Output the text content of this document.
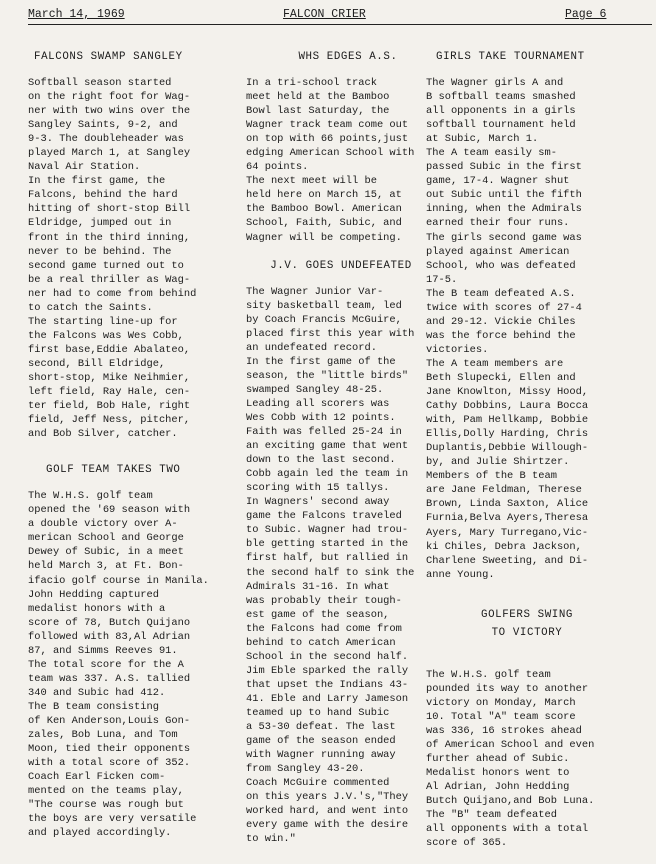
March 14, 1969	FALCON CRIER	Page 6
FALCONS SWAMP SANGLEY

Softball season started
on the right foot for Wag-
ner with two wins over the
Sangley Saints, 9-2, and
9-3. The doubleheader was
played March 1, at Sangley
Naval Air Station.
In the first game, the
Falcons, behind the hard
hitting of short-stop Bill
Eldridge, jumped out in
front in the third inning,
never to be behind. The
second game turned out to
be a real thriller as Wag-
ner had to come from behind
to catch the Saints.
The starting line-up for
the Falcons was Wes Cobb,
first base,Eddie Abalateo,
second, Bill Eldridge,
short-stop, Mike Neihmier,
left field, Ray Hale, cen-
ter field, Bob Hale, right
field, Jeff Ness, pitcher,
and Bob Silver, catcher.

GOLF TEAM TAKES TWO

The W.H.S. golf team
opened the '69 season with
a double victory over A-
merican School and George
Dewey of Subic, in a meet
held March 3, at Ft. Bon-
ifacio golf course in Manila.
John Hedding captured
medalist honors with a
score of 78, Butch Quijano
followed with 83,Al Adrian
87, and Simms Reeves 91.
The total score for the A
team was 337. A.S. tallied
340 and Subic had 412.
The B team consisting
of Ken Anderson,Louis Gon-
zales, Bob Luna, and Tom
Moon, tied their opponents
with a total score of 352.
Coach Earl Ficken com-
mented on the teams play,
"The course was rough but
the boys are very versatile
and played accordingly.

WHS EDGES A.S.

In a tri-school track
meet held at the Bamboo
Bowl last Saturday, the
Wagner track team come out
on top with 66 points,just
edging American School with
64 points.
The next meet will be
held here on March 15, at
the Bamboo Bowl. American
School, Faith, Subic, and
Wagner will be competing.

J.V. GOES UNDEFEATED

The Wagner Junior Var-
sity basketball team, led
by Coach Francis McGuire,
placed first this year with
an undefeated record.
In the first game of the
season, the "little birds"
swamped Sangley 48-25.
Leading all scorers was
Wes Cobb with 12 points.
Faith was felled 25-24 in
an exciting game that went
down to the last second.
Cobb again led the team in
scoring with 15 tallys.
In Wagners' second away
game the Falcons traveled
to Subic. Wagner had trou-
ble getting started in the
first half, but rallied in
the second half to sink the
Admirals 31-16. In what
was probably their tough-
est game of the season,
the Falcons had come from
behind to catch American
School in the second half.
Jim Eble sparked the rally
that upset the Indians 43-
41. Eble and Larry Jameson
teamed up to hand Subic
a 53-30 defeat. The last
game of the season ended
with Wagner running away
from Sangley 43-20.
Coach McGuire commented
on this years J.V.'s,"They
worked hard, and went into
every game with the desire
to win."

GIRLS TAKE TOURNAMENT

The Wagner girls A and
B softball teams smashed
all opponents in a girls
softball tournament held
at Subic, March 1.
The A team easily sm-
passed Subic in the first
game, 17-4. Wagner shut
out Subic until the fifth
inning, when the Admirals
earned their four runs.
The girls second game was
played against American
School, who was defeated
17-5.
The B team defeated A.S.
twice with scores of 27-4
and 29-12. Vickie Chiles
was the force behind the
victories.
The A team members are
Beth Slupecki, Ellen and
Jane Knowlton, Missy Hood,
Cathy Dobbins, Laura Bocca
with, Pam Hellkamp, Bobbie
Ellis,Dolly Harding, Chris
Duplantis,Debbie Willough-
by, and Julie Shirtzer.
Members of the B team
are Jane Feldman, Therese
Brown, Linda Saxton, Alice
Furnia,Belva Ayers,Theresa
Ayers, Mary Turregano,Vic-
ki Chiles, Debra Jackson,
Charlene Sweeting, and Di-
anne Young.

GOLFERS SWING
TO VICTORY

The W.H.S. golf team
pounded its way to another
victory on Monday, March
10. Total "A" team score
was 336, 16 strokes ahead
of American School and even
further ahead of Subic.
Medalist honors went to
Al Adrian, John Hedding
Butch Quijano,and Bob Luna.
The "B" team defeated
all opponents with a total
score of 365.
